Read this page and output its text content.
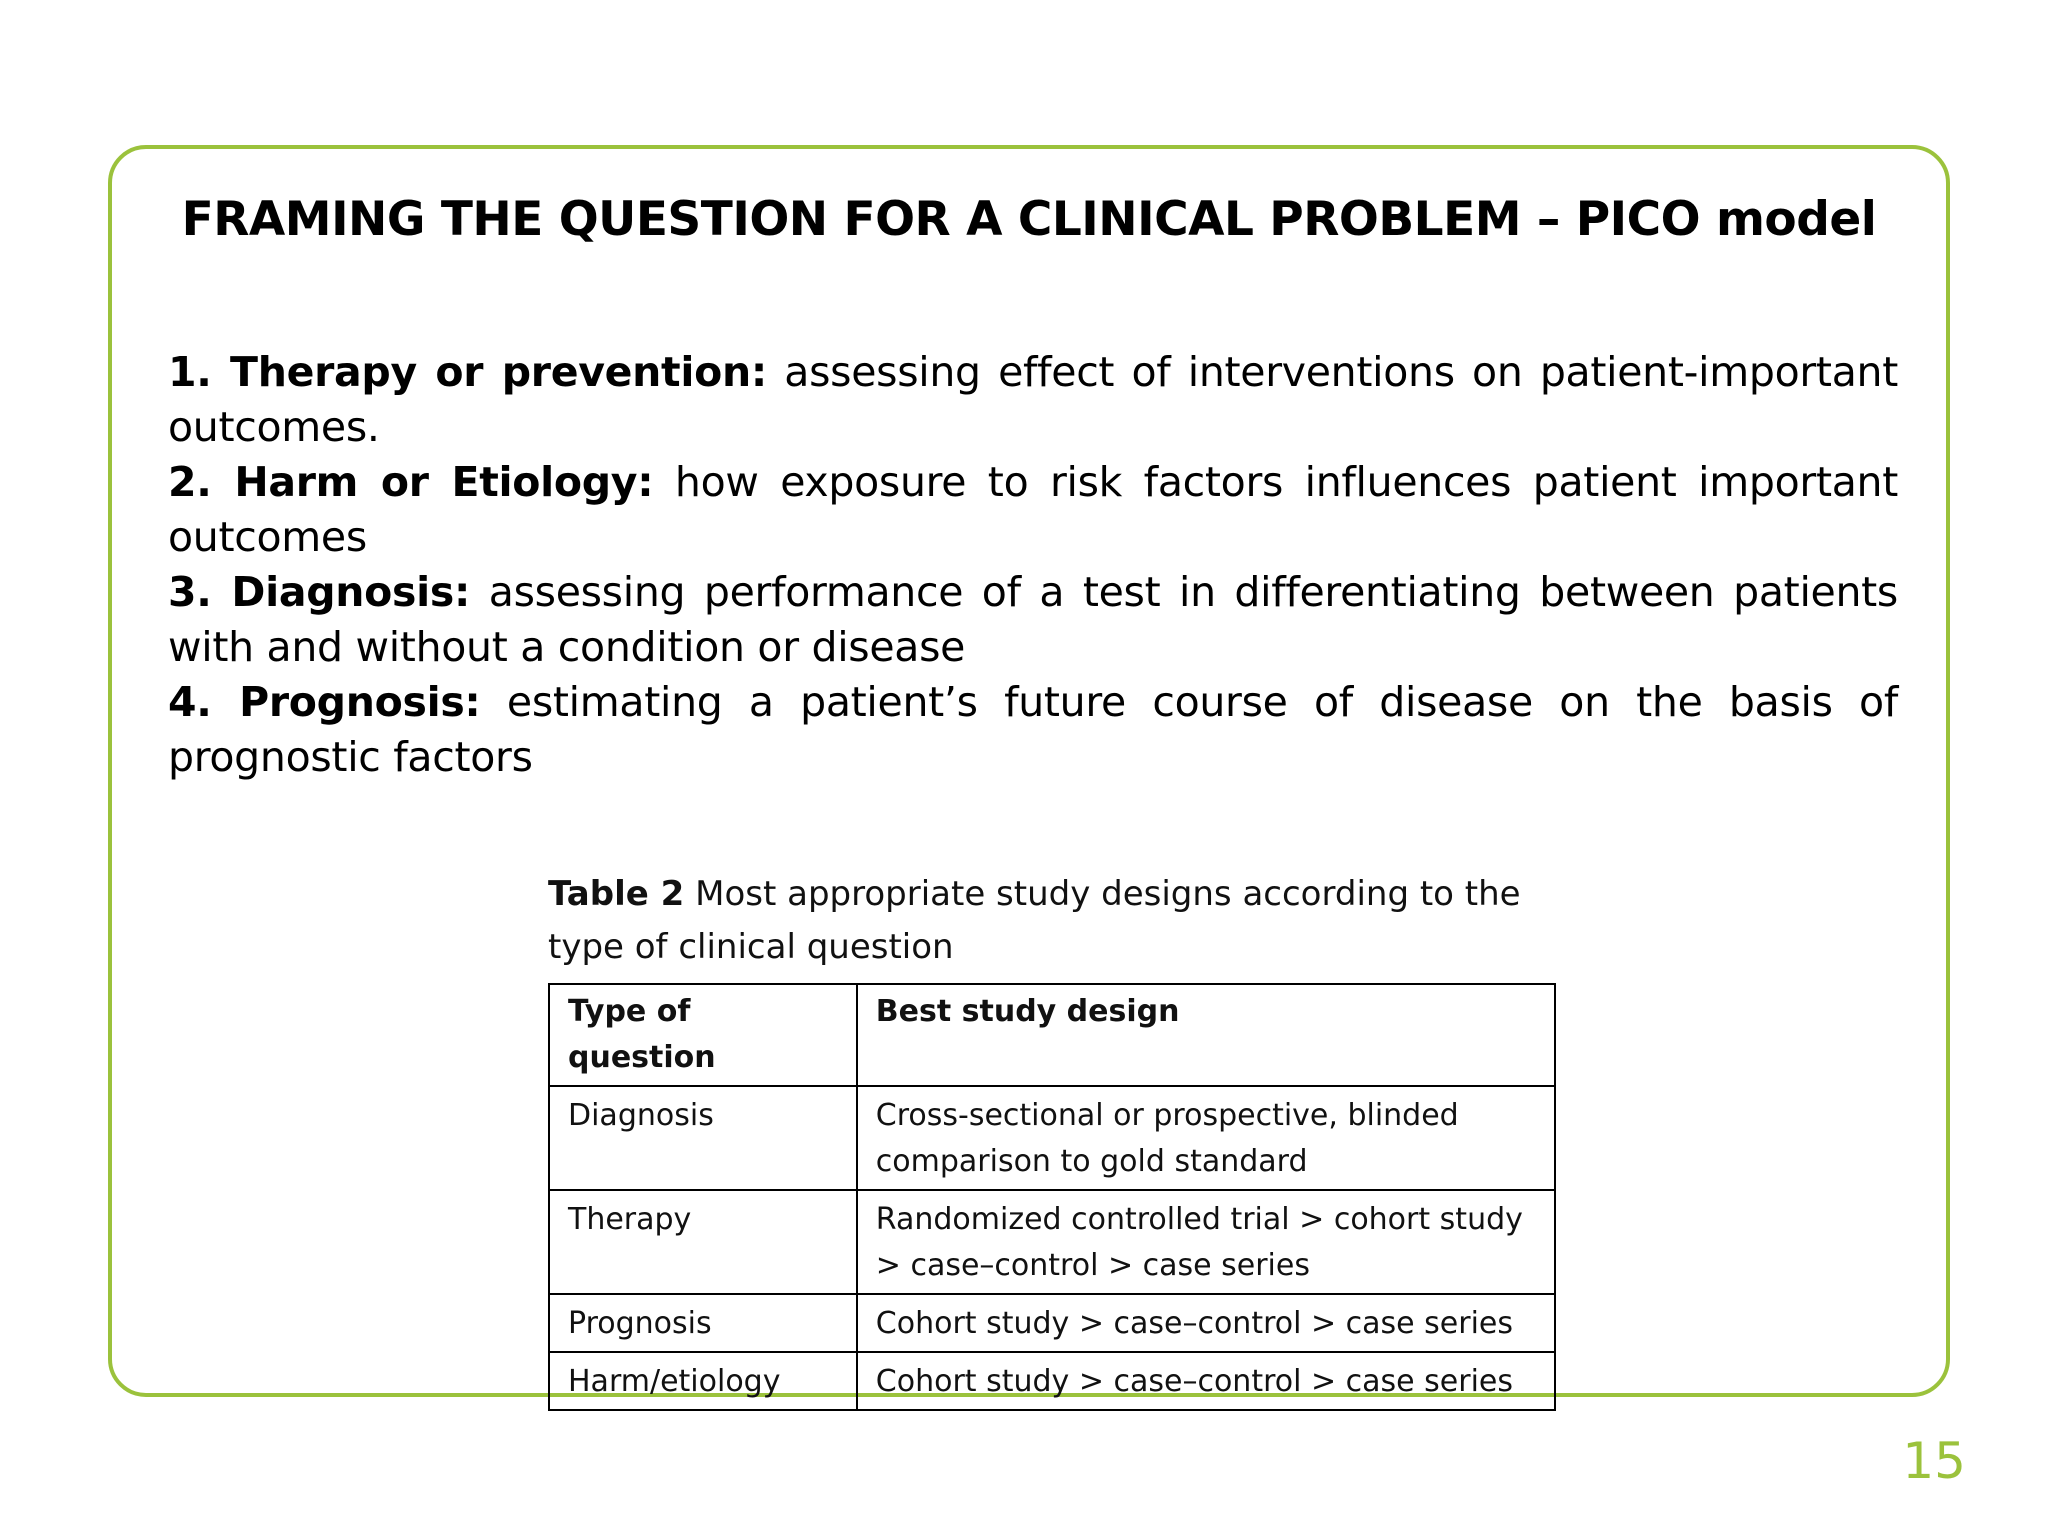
FRAMING THE QUESTION FOR A CLINICAL PROBLEM – PICO model

1. Therapy or prevention: assessing effect of interventions on patient-important outcomes.

2. Harm or Etiology: how exposure to risk factors influences patient important outcomes

3. Diagnosis: assessing performance of a test in differentiating between patients with and without a condition or disease

4. Prognosis: estimating a patient’s future course of disease on the basis of prognostic factors

Table 2 Most appropriate study designs according to the type of clinical question
Type of question	Best study design
Diagnosis	Cross-sectional or prospective, blinded comparison to gold standard
Therapy	Randomized controlled trial > cohort study > case–control > case series
Prognosis	Cohort study > case–control > case series
Harm/etiology	Cohort study > case–control > case series
15
